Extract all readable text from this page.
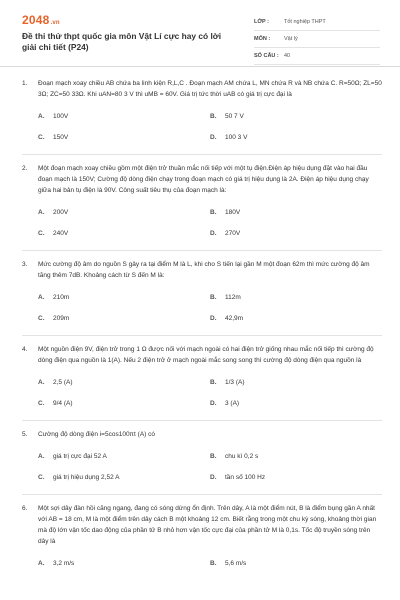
2048.vn
Đề thi thử thpt quốc gia môn Vật Lí cực hay có lời giải chi tiết (P24)
LỚP :	Tốt nghiệp THPT
MÔN :	Vật lý
SỐ CÂU : 40
1.	Đoạn mạch xoay chiều AB chứa ba linh kiện R,L,C . Đoạn mạch AM chứa L, MN chứa R và NB chứa C. R=50Ω; ZL=50 3Ω; ZC=50 33Ω. Khi uAN=80 3 V thì uMB = 60V. Giá trị tức thời uAB có giá trị cực đại là
A.	100V	B.	50 7 V
C.	150V	D.	100 3 V
2.	Một đoạn mạch xoay chiều gồm một điện trở thuần mắc nối tiếp với một tụ điện.Điện áp hiệu dụng đặt vào hai đầu đoạn mạch là 150V; Cường độ dòng điện chạy trong đoạn mạch có giá trị hiệu dụng là 2A. Điện áp hiệu dụng chạy giữa hai bản tụ điện là 90V. Công suất tiêu thụ của đoạn mạch là:
A.	200V	B.	180V
C.	240V	D.	270V
3.	Mức cường độ âm do nguồn S gây ra tại điểm M là L, khi cho S tiến lại gần M một đoạn 62m thì mức cường độ âm tăng thêm 7dB. Khoảng cách từ S đến M là:
A.	210m	B.	112m
C.	209m	D.	42,9m
4.	Một nguồn điện 9V, điện trở trong 1 Ω được nối với mạch ngoài có hai điện trở giống nhau mắc nối tiếp thì cường độ dòng điện qua nguồn là 1(A). Nếu 2 điện trở ở mạch ngoài mắc song song thì cường độ dòng điện qua nguồn là
A.	2,5 (A)	B.	1/3 (A)
C.	9/4 (A)	D.	3 (A)
5.	Cường độ dòng điện i=5cos100πt (A) có
A.	giá trị cực đại 52 A	B.	chu kì 0,2 s
C.	giá trị hiệu dụng 2,52 A	D.	tần số 100 Hz
6.	Một sợi dây đàn hồi căng ngang, đang có sóng dừng ổn định. Trên dây, A là một điểm nút, B là điểm bụng gần A nhất với AB = 18 cm, M là một điểm trên dây cách B một khoảng 12 cm. Biết rằng trong một chu kỳ sóng, khoảng thời gian mà độ lớn vận tốc dao động của phần tử B nhỏ hơn vận tốc cực đại của phần tử M là 0,1s. Tốc độ truyền sóng trên dây là
A.	3,2 m/s	B.	5,6 m/s
